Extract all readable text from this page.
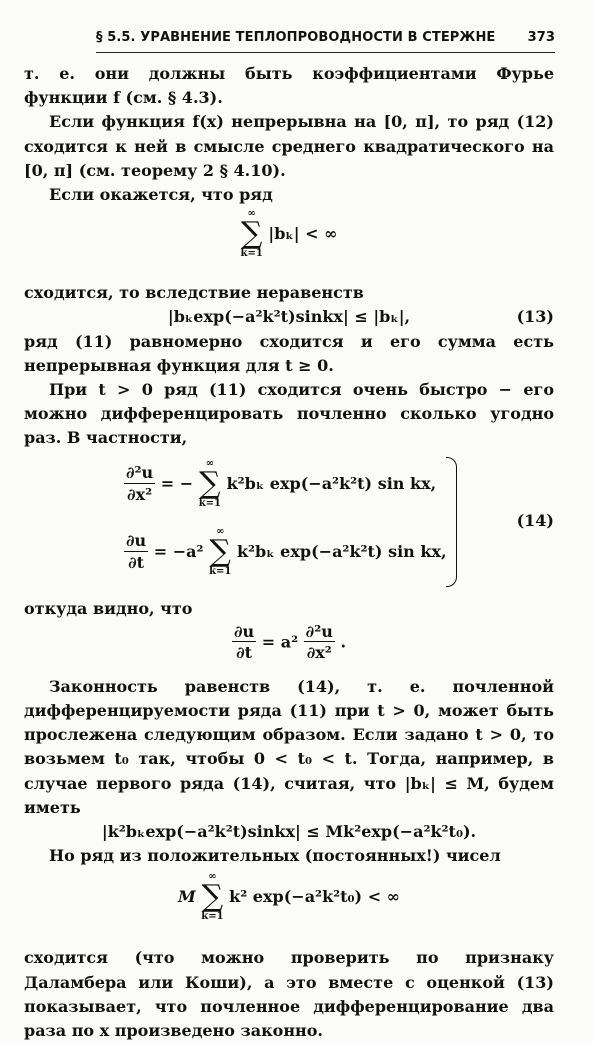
§ 5.5. УРАВНЕНИЕ ТЕПЛОПРОВОДНОСТИ В СТЕРЖНЕ 373

т. е. они должны быть коэффициентами Фурье функции f (см. § 4.3).

Если функция f(x) непрерывна на [0, π], то ряд (12) сходится к ней в смысле среднего квадратического на [0, π] (см. теорему 2 § 4.10).

Если окажется, что ряд

∞
∑
k=1
|bₖ| < ∞

сходится, то вследствие неравенств

|bₖexp(−a²k²t)sinkx| ≤ |bₖ|,	(13)

ряд (11) равномерно сходится и его сумма есть непрерывная функция для t ≥ 0.

При t > 0 ряд (11) сходится очень быстро − его можно дифференцировать почленно сколько угодно раз. В частности,

$\frac{\text{∂²u}}{\text{∂x²}}$ = −
∞
∑
k=1
k²bₖ exp(−a²k²t) sin kx,
$\frac{\partial u}{\partial t} = -a^2$
∞
∑
k=1
k²bₖ exp(−a²k²t) sin kx,
(14)

откуда видно, что

$\frac{\partial u}{\partial t} = a^2 \frac{\text{∂²u}}{\text{∂x²}}$ .

Законность равенств (14), т. е. почленной дифференцируемости ряда (11) при t > 0, может быть прослежена следующим образом. Если задано t > 0, то возьмем t₀ так, чтобы 0 < t₀ < t. Тогда, например, в случае первого ряда (14), считая, что |bₖ| ≤ M, будем иметь

|k²bₖexp(−a²k²t)sinkx| ≤ Mk²exp(−a²k²t₀).

Но ряд из положительных (постоянных!) чисел

M
∞
∑
k=1
k² exp(−a²k²t₀) < ∞

сходится (что можно проверить по признаку Даламбера или Коши), а это вместе с оценкой (13) показывает, что почленное дифференцирование два раза по x произведено законно.
